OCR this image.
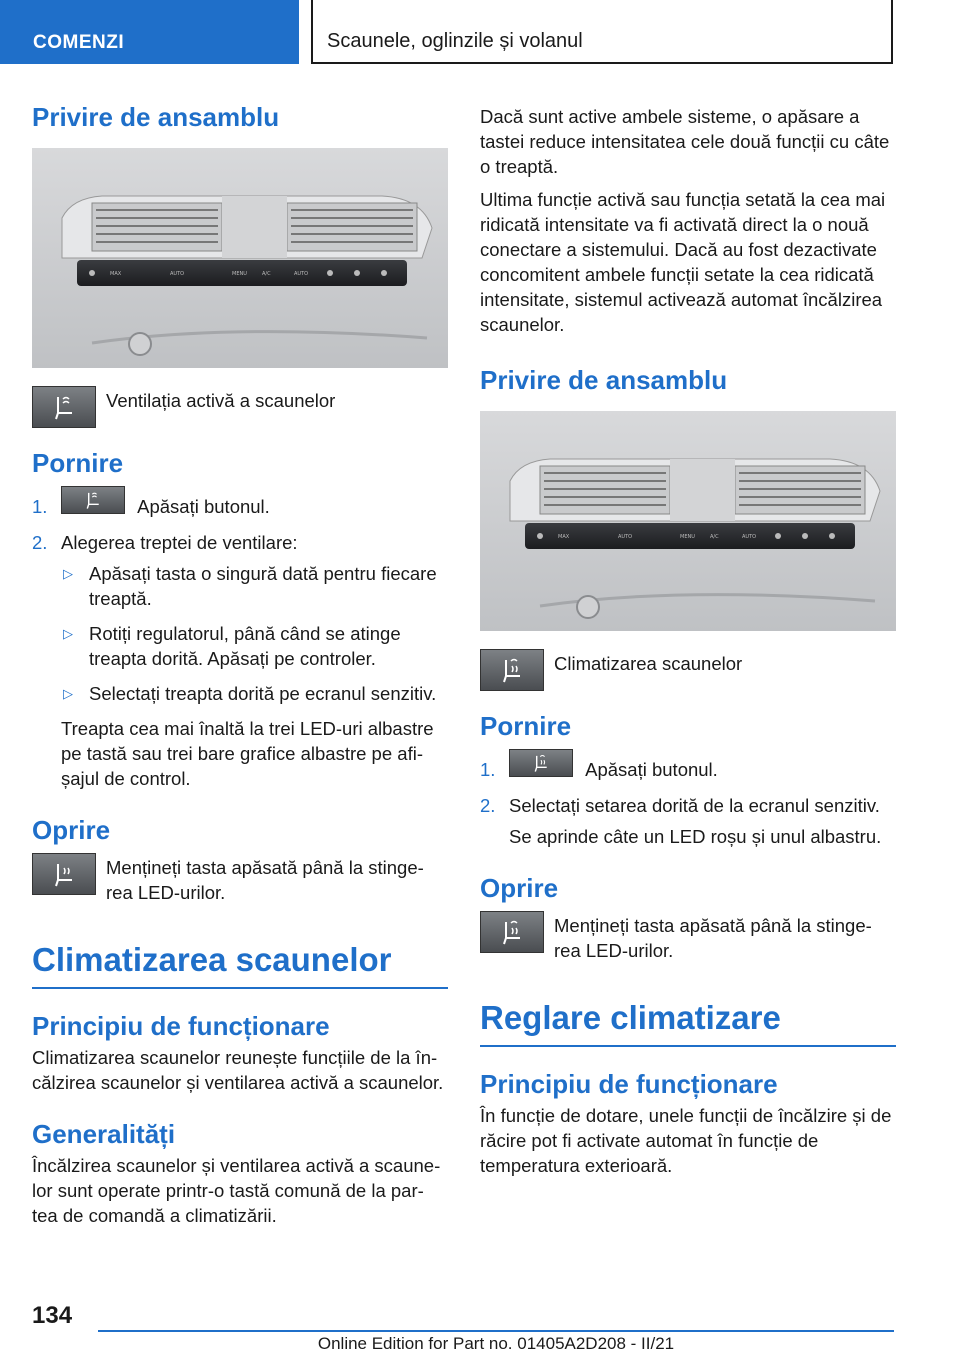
COMENZI	Scaunele, oglinzile și volanul
Privire de ansamblu
MAX	AUTO	MENU	A/C	AUTO

Ventilația activă a scaunelor

Pornire
1.	Apăsați butonul.
2. Alegerea treptei de ventilare:
▷ Apăsați tasta o singură dată pentru fiecare treaptă.
▷ Rotiți regulatorul, până când se atinge treapta dorită. Apăsați pe controler.
▷ Selectați treapta dorită pe ecranul senzitiv.

Treapta cea mai înaltă la trei LED-uri albastre pe tastă sau trei bare grafice albastre pe afi-șajul de control.

Oprire

Mențineți tasta apăsată până la stinge-rea LED-urilor.

Climatizarea scaunelor
Principiu de funcționare

Climatizarea scaunelor reunește funcțiile de la în-călzirea scaunelor și ventilarea activă a scaunelor.

Generalități

Încălzirea scaunelor și ventilarea activă a scaune-lor sunt operate printr-o tastă comună de la par-tea de comandă a climatizării.

Dacă sunt active ambele sisteme, o apăsare a tastei reduce intensitatea cele două funcții cu câte o treaptă.

Ultima funcție activă sau funcția setată la cea mai ridicată intensitate va fi activată direct la o nouă conectare a sistemului. Dacă au fost dezactivate concomitent ambele funcții setate la cea ridicată intensitate, sistemul activează automat încălzirea scaunelor.

Privire de ansamblu
MAX	AUTO	MENU	A/C	AUTO

Climatizarea scaunelor

Pornire
1.	Apăsați butonul.
2. Selectați setarea dorită de la ecranul senzitiv.

Se aprinde câte un LED roșu și unul albastru.

Oprire

Mențineți tasta apăsată până la stinge-rea LED-urilor.

Reglare climatizare
Principiu de funcționare

În funcție de dotare, unele funcții de încălzire și de răcire pot fi activate automat în funcție de temperatura exterioară.

134
Online Edition for Part no. 01405A2D208 - II/21
